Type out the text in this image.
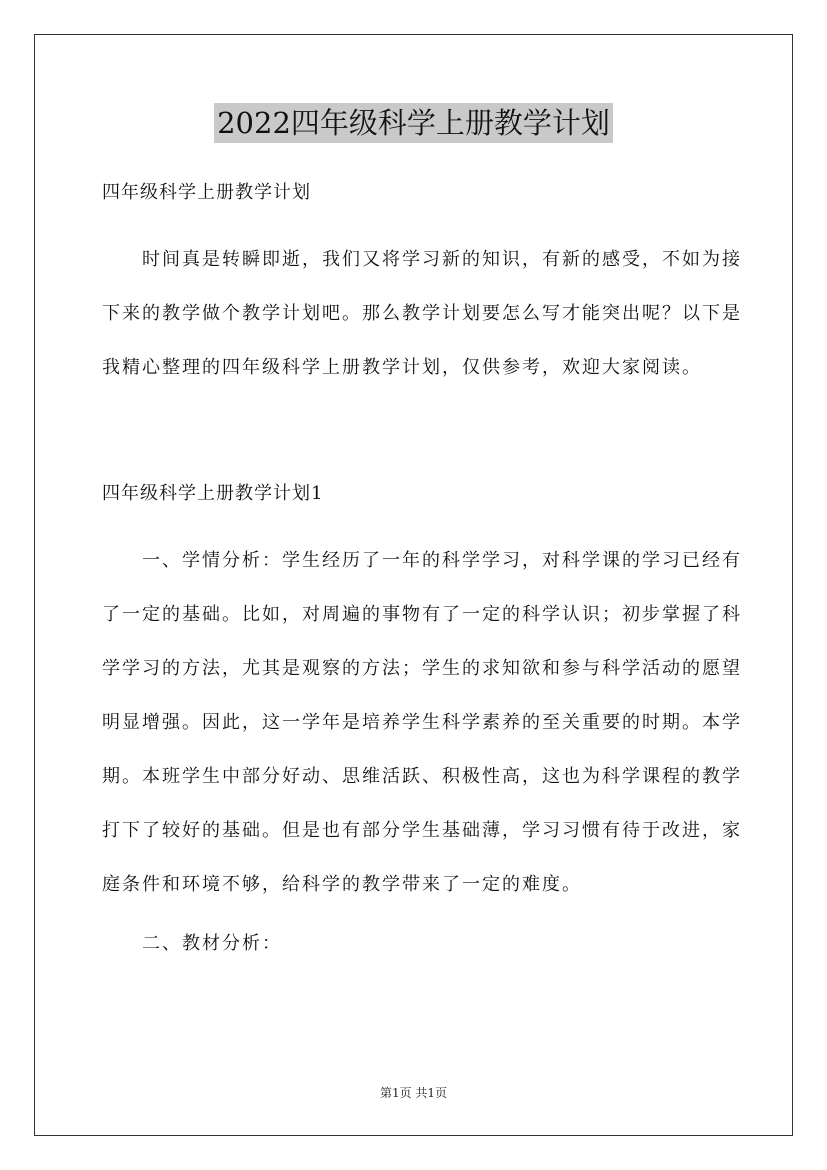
2022四年级科学上册教学计划

四年级科学上册教学计划

时间真是转瞬即逝，我们又将学习新的知识，有新的感受，不如为接下来的教学做个教学计划吧。那么教学计划要怎么写才能突出呢？以下是我精心整理的四年级科学上册教学计划，仅供参考，欢迎大家阅读。

四年级科学上册教学计划1

一、学情分析：学生经历了一年的科学学习，对科学课的学习已经有了一定的基础。比如，对周遍的事物有了一定的科学认识；初步掌握了科学学习的方法，尤其是观察的方法；学生的求知欲和参与科学活动的愿望明显增强。因此，这一学年是培养学生科学素养的至关重要的时期。本学期。本班学生中部分好动、思维活跃、积极性高，这也为科学课程的教学打下了较好的基础。但是也有部分学生基础薄，学习习惯有待于改进，家庭条件和环境不够，给科学的教学带来了一定的难度。

二、教材分析：

第1页 共1页
